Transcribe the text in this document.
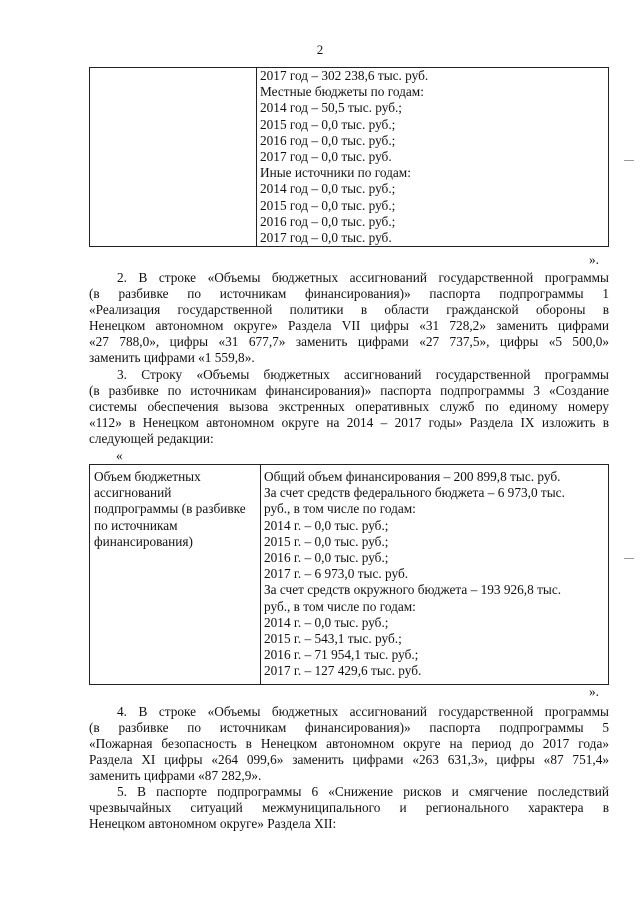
2

2017 год – 302 238,6 тыс. руб.
Местные бюджеты по годам:
2014 год – 50,5 тыс. руб.;
2015 год – 0,0 тыс. руб.;
2016 год – 0,0 тыс. руб.;
2017 год – 0,0 тыс. руб.
Иные источники по годам:
2014 год – 0,0 тыс. руб.;
2015 год – 0,0 тыс. руб.;
2016 год – 0,0 тыс. руб.;
2017 год – 0,0 тыс. руб.
».
2. В строке «Объемы бюджетных ассигнований государственной программы
(в разбивке по источникам финансирования)» паспорта подпрограммы 1
«Реализация государственной политики в области гражданской обороны в
Ненецком автономном округе» Раздела VII цифры «31 728,2» заменить цифрами
«27 788,0», цифры «31 677,7» заменить цифрами «27 737,5», цифры «5 500,0»
заменить цифрами «1 559,8».
3. Строку «Объемы бюджетных ассигнований государственной программы
(в разбивке по источникам финансирования)» паспорта подпрограммы 3 «Создание
системы обеспечения вызова экстренных оперативных служб по единому номеру
«112» в Ненецком автономном округе на 2014 – 2017 годы» Раздела IX изложить в
следующей редакции:
«
Объем бюджетных ассигнований подпрограммы (в разбивке по источникам финансирования)

Общий объем финансирования – 200 899,8 тыс. руб.
За счет средств федерального бюджета – 6 973,0 тыс.
руб., в том числе по годам:
2014 г. – 0,0 тыс. руб.;
2015 г. – 0,0 тыс. руб.;
2016 г. – 0,0 тыс. руб.;
2017 г. – 6 973,0 тыс. руб.
За счет средств окружного бюджета – 193 926,8 тыс.
руб., в том числе по годам:
2014 г. – 0,0 тыс. руб.;
2015 г. – 543,1 тыс. руб.;
2016 г. – 71 954,1 тыс. руб.;
2017 г. – 127 429,6 тыс. руб.
».
4. В строке «Объемы бюджетных ассигнований государственной программы
(в разбивке по источникам финансирования)» паспорта подпрограммы 5
«Пожарная безопасность в Ненецком автономном округе на период до 2017 года»
Раздела XI цифры «264 099,6» заменить цифрами «263 631,3», цифры «87 751,4»
заменить цифрами «87 282,9».
5. В паспорте подпрограммы 6 «Снижение рисков и смягчение последствий
чрезвычайных ситуаций межмуниципального и регионального характера в
Ненецком автономном округе» Раздела XII:
